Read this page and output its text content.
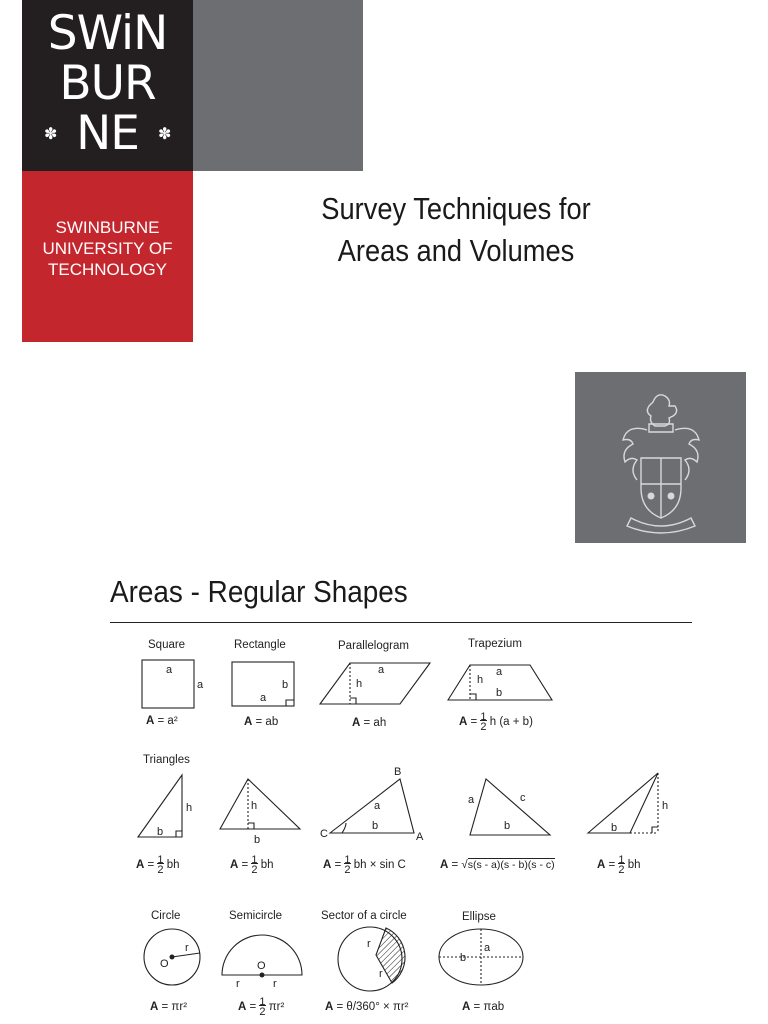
SWiN
BUR
NE
✽	✽
SWINBURNE
UNIVERSITY OF
TECHNOLOGY
Survey Techniques for
Areas and Volumes
Areas - Regular Shapes
Square	Rectangle	Parallelogram	Trapezium
a
a
a
b
a
h
a
h
b
A = a²	A = ab	A = ah	$A = \frac{1}{2}$ h (a + b)
Triangles
h
b
h
b
B
a
b
C	A
a	c
b
h
b
$A = \frac{1}{2}$ bh	$A = \frac{1}{2}$ bh	$A = \frac{1}{2}$ bh × sin C	A = √s(s - a)(s - b)(s - c)	$A = \frac{1}{2}$ bh
Circle	Semicircle	Sector of a circle	Ellipse
r
O	O
r	r
r
r
a
b
A = πr²	$A = \frac{1}{2} \pi r^2$	A = θ/360° × πr²	A = πab
